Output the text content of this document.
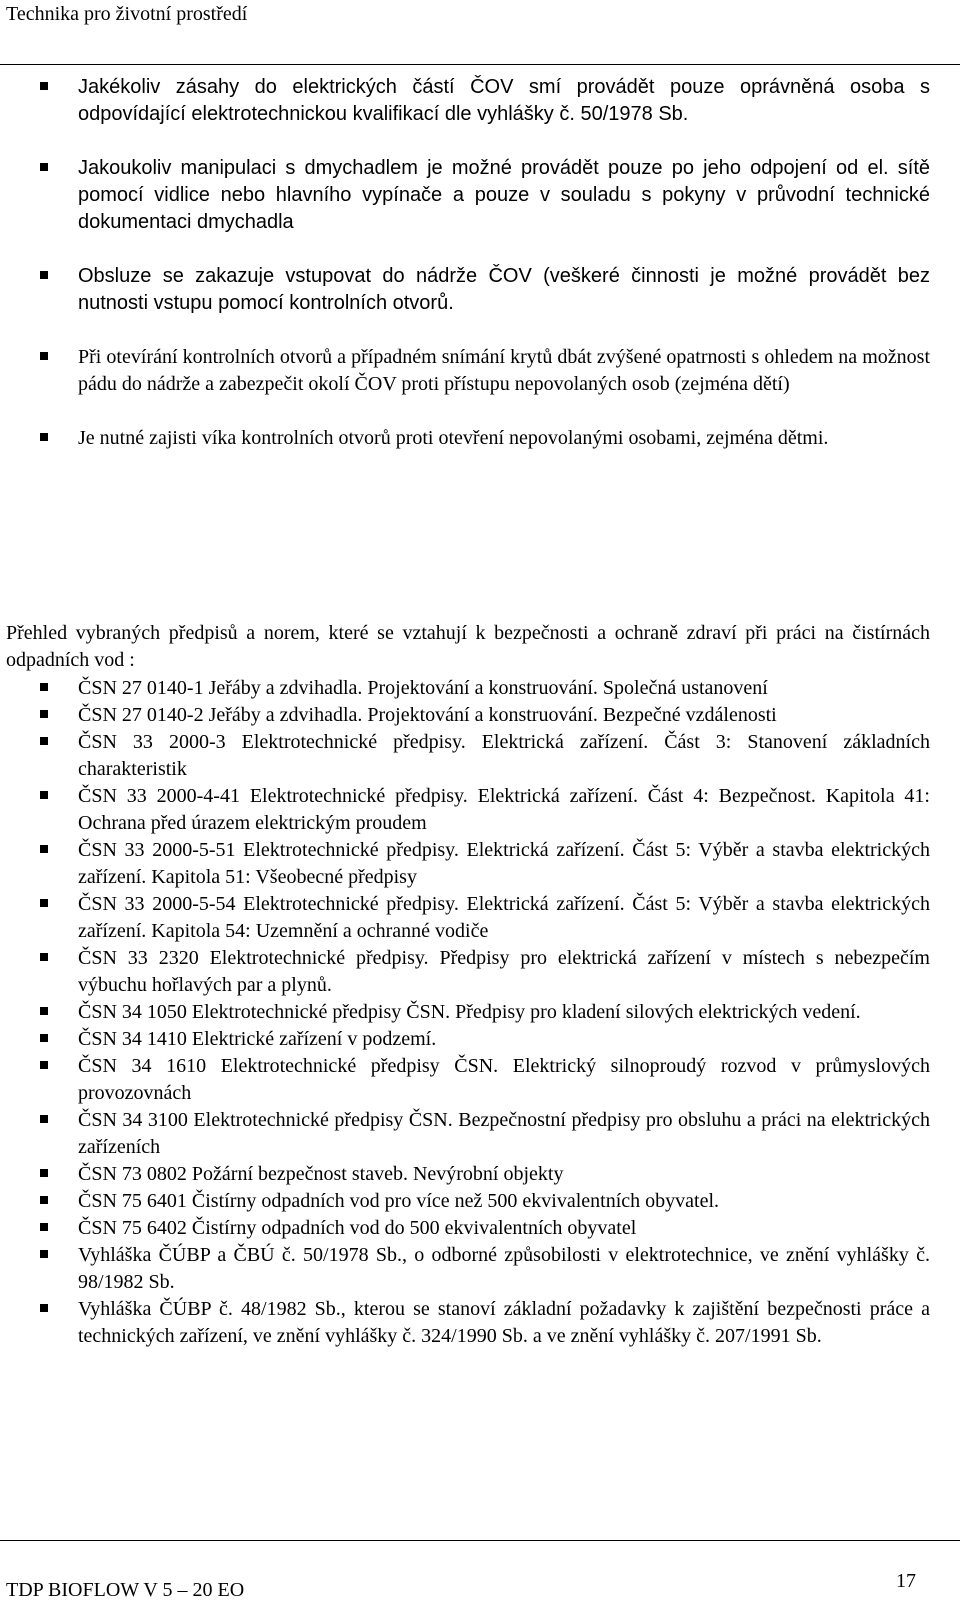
Technika pro životní prostředí
Jakékoliv zásahy do elektrických částí ČOV smí provádět pouze oprávněná osoba s odpovídající elektrotechnickou kvalifikací dle vyhlášky č. 50/1978 Sb.
Jakoukoliv manipulaci s dmychadlem je možné provádět pouze po jeho odpojení od el. sítě pomocí vidlice nebo hlavního vypínače a pouze v souladu s pokyny v průvodní technické dokumentaci dmychadla
Obsluze se zakazuje vstupovat do nádrže ČOV (veškeré činnosti je možné provádět bez nutnosti vstupu pomocí kontrolních otvorů.
Při otevírání kontrolních otvorů a případném snímání krytů dbát zvýšené opatrnosti s ohledem na možnost pádu do nádrže a zabezpečit okolí ČOV proti přístupu nepovolaných osob (zejména dětí)
Je nutné zajisti víka kontrolních otvorů proti otevření nepovolanými osobami, zejména dětmi.

Přehled vybraných předpisů a norem, které se vztahují k bezpečnosti a ochraně zdraví při práci na čistírnách odpadních vod :

ČSN 27 0140-1 Jeřáby a zdvihadla. Projektování a konstruování. Společná ustanovení
ČSN 27 0140-2 Jeřáby a zdvihadla. Projektování a konstruování. Bezpečné vzdálenosti
ČSN 33 2000-3 Elektrotechnické předpisy. Elektrická zařízení. Část 3: Stanovení základních charakteristik
ČSN 33 2000-4-41 Elektrotechnické předpisy. Elektrická zařízení. Část 4: Bezpečnost. Kapitola 41: Ochrana před úrazem elektrickým proudem
ČSN 33 2000-5-51 Elektrotechnické předpisy. Elektrická zařízení. Část 5: Výběr a stavba elektrických zařízení. Kapitola 51: Všeobecné předpisy
ČSN 33 2000-5-54 Elektrotechnické předpisy. Elektrická zařízení. Část 5: Výběr a stavba elektrických zařízení. Kapitola 54: Uzemnění a ochranné vodiče
ČSN 33 2320 Elektrotechnické předpisy. Předpisy pro elektrická zařízení v místech s nebezpečím výbuchu hořlavých par a plynů.
ČSN 34 1050 Elektrotechnické předpisy ČSN. Předpisy pro kladení silových elektrických vedení.
ČSN 34 1410 Elektrické zařízení v podzemí.
ČSN 34 1610 Elektrotechnické předpisy ČSN. Elektrický silnoproudý rozvod v průmyslových provozovnách
ČSN 34 3100 Elektrotechnické předpisy ČSN. Bezpečnostní předpisy pro obsluhu a práci na elektrických zařízeních
ČSN 73 0802 Požární bezpečnost staveb. Nevýrobní objekty
ČSN 75 6401 Čistírny odpadních vod pro více než 500 ekvivalentních obyvatel.
ČSN 75 6402 Čistírny odpadních vod do 500 ekvivalentních obyvatel
Vyhláška ČÚBP a ČBÚ č. 50/1978 Sb., o odborné způsobilosti v elektrotechnice, ve znění vyhlášky č. 98/1982 Sb.
Vyhláška ČÚBP č. 48/1982 Sb., kterou se stanoví základní požadavky k zajištění bezpečnosti práce a technických zařízení, ve znění vyhlášky č. 324/1990 Sb. a ve znění vyhlášky č. 207/1991 Sb.
TDP BIOFLOW V 5 – 20 EO	17
